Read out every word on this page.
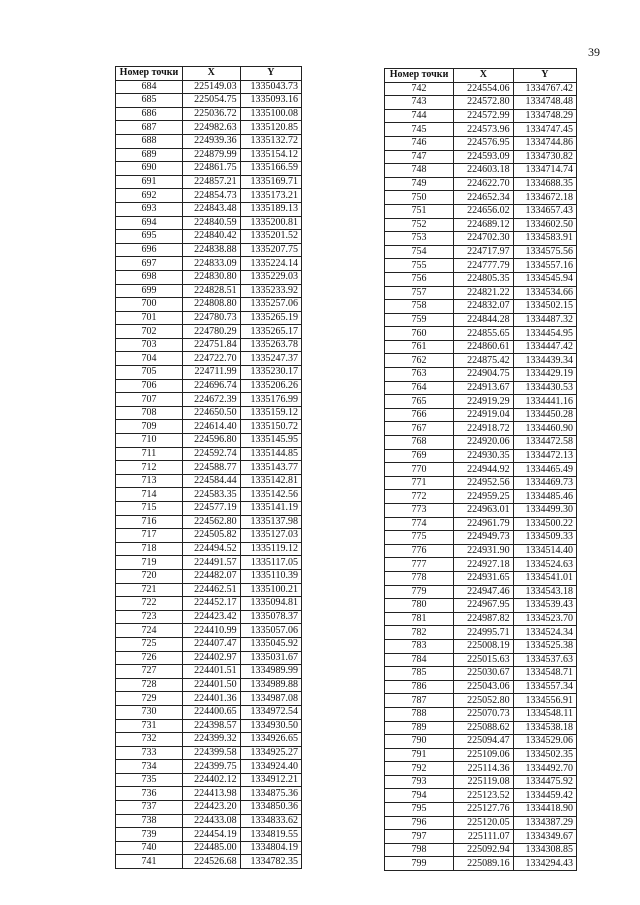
39
Номер точки	X	Y
684	225149.03	1335043.73
685	225054.75	1335093.16
686	225036.72	1335100.08
687	224982.63	1335120.85
688	224939.36	1335132.72
689	224879.99	1335154.12
690	224861.75	1335166.59
691	224857.21	1335169.71
692	224854.73	1335173.21
693	224843.48	1335189.13
694	224840.59	1335200.81
695	224840.42	1335201.52
696	224838.88	1335207.75
697	224833.09	1335224.14
698	224830.80	1335229.03
699	224828.51	1335233.92
700	224808.80	1335257.06
701	224780.73	1335265.19
702	224780.29	1335265.17
703	224751.84	1335263.78
704	224722.70	1335247.37
705	224711.99	1335230.17
706	224696.74	1335206.26
707	224672.39	1335176.99
708	224650.50	1335159.12
709	224614.40	1335150.72
710	224596.80	1335145.95
711	224592.74	1335144.85
712	224588.77	1335143.77
713	224584.44	1335142.81
714	224583.35	1335142.56
715	224577.19	1335141.19
716	224562.80	1335137.98
717	224505.82	1335127.03
718	224494.52	1335119.12
719	224491.57	1335117.05
720	224482.07	1335110.39
721	224462.51	1335100.21
722	224452.17	1335094.81
723	224423.42	1335078.37
724	224410.99	1335057.06
725	224407.47	1335045.92
726	224402.97	1335031.67
727	224401.51	1334989.99
728	224401.50	1334989.88
729	224401.36	1334987.08
730	224400.65	1334972.54
731	224398.57	1334930.50
732	224399.32	1334926.65
733	224399.58	1334925.27
734	224399.75	1334924.40
735	224402.12	1334912.21
736	224413.98	1334875.36
737	224423.20	1334850.36
738	224433.08	1334833.62
739	224454.19	1334819.55
740	224485.00	1334804.19
741	224526.68	1334782.35
Номер точки	X	Y
742	224554.06	1334767.42
743	224572.80	1334748.48
744	224572.99	1334748.29
745	224573.96	1334747.45
746	224576.95	1334744.86
747	224593.09	1334730.82
748	224603.18	1334714.74
749	224622.70	1334688.35
750	224652.34	1334672.18
751	224656.02	1334657.43
752	224689.12	1334602.50
753	224702.30	1334583.91
754	224717.97	1334575.56
755	224777.79	1334557.16
756	224805.35	1334545.94
757	224821.22	1334534.66
758	224832.07	1334502.15
759	224844.28	1334487.32
760	224855.65	1334454.95
761	224860.61	1334447.42
762	224875.42	1334439.34
763	224904.75	1334429.19
764	224913.67	1334430.53
765	224919.29	1334441.16
766	224919.04	1334450.28
767	224918.72	1334460.90
768	224920.06	1334472.58
769	224930.35	1334472.13
770	224944.92	1334465.49
771	224952.56	1334469.73
772	224959.25	1334485.46
773	224963.01	1334499.30
774	224961.79	1334500.22
775	224949.73	1334509.33
776	224931.90	1334514.40
777	224927.18	1334524.63
778	224931.65	1334541.01
779	224947.46	1334543.18
780	224967.95	1334539.43
781	224987.82	1334523.70
782	224995.71	1334524.34
783	225008.19	1334525.38
784	225015.63	1334537.63
785	225030.67	1334548.71
786	225043.06	1334557.34
787	225052.80	1334556.91
788	225070.73	1334548.11
789	225088.62	1334538.18
790	225094.47	1334529.06
791	225109.06	1334502.35
792	225114.36	1334492.70
793	225119.08	1334475.92
794	225123.52	1334459.42
795	225127.76	1334418.90
796	225120.05	1334387.29
797	225111.07	1334349.67
798	225092.94	1334308.85
799	225089.16	1334294.43
